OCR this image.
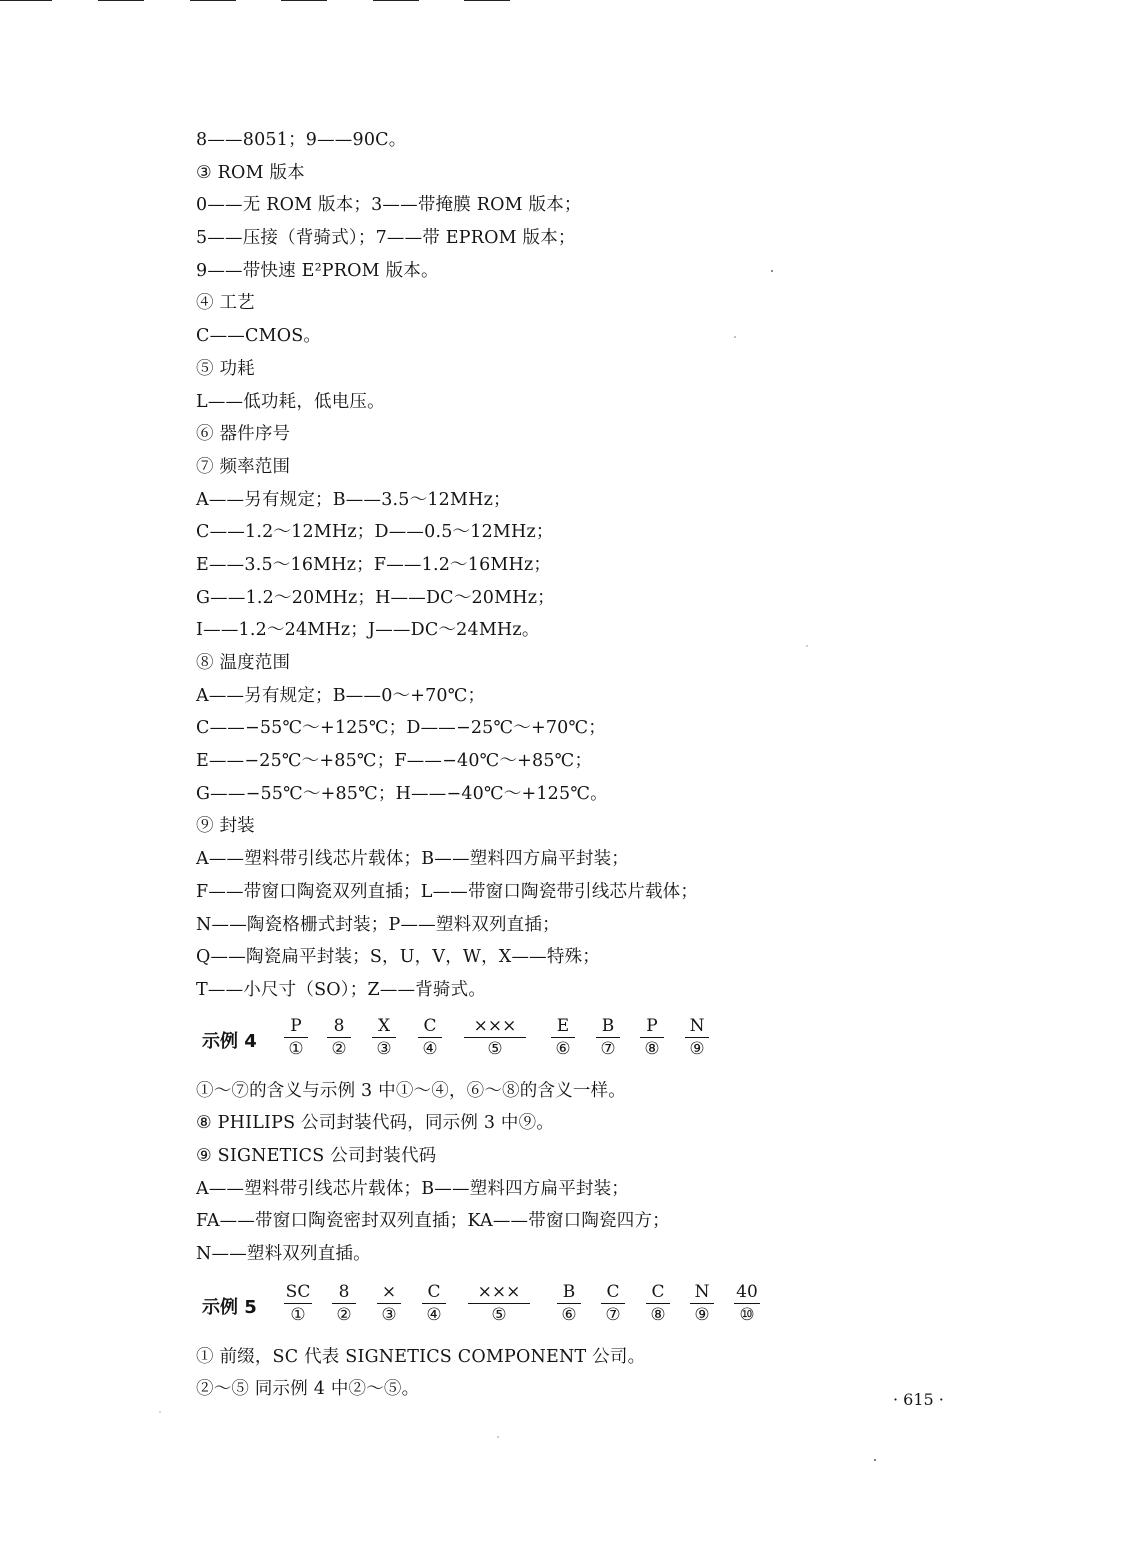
8——8051；9——90C。
③ ROM 版本
0——无 ROM 版本；3——带掩膜 ROM 版本；
5——压接（背骑式）；7——带 EPROM 版本；
9——带快速 E²PROM 版本。
④ 工艺
C——CMOS。
⑤ 功耗
L——低功耗，低电压。
⑥ 器件序号
⑦ 频率范围
A——另有规定；B——3.5～12MHz；
C——1.2～12MHz；D——0.5～12MHz；
E——3.5～16MHz；F——1.2～16MHz；
G——1.2～20MHz；H——DC～20MHz；
I——1.2～24MHz；J——DC～24MHz。
⑧ 温度范围
A——另有规定；B——0～+70℃；
C——−55℃～+125℃；D——−25℃～+70℃；
E——−25℃～+85℃；F——−40℃～+85℃；
G——−55℃～+85℃；H——−40℃～+125℃。
⑨ 封装
A——塑料带引线芯片载体；B——塑料四方扁平封装；
F——带窗口陶瓷双列直插；L——带窗口陶瓷带引线芯片载体；
N——陶瓷格栅式封装；P——塑料双列直插；
Q——陶瓷扁平封装；S，U，V，W，X——特殊；
T——小尺寸（SO）；Z——背骑式。
示例 4
P
①
8
②
X
③
C
④
×××
⑤
E
⑥
B
⑦
P
⑧
N
⑨
①～⑦的含义与示例 3 中①～④，⑥～⑧的含义一样。
⑧ PHILIPS 公司封装代码，同示例 3 中⑨。
⑨ SIGNETICS 公司封装代码
A——塑料带引线芯片载体；B——塑料四方扁平封装；
FA——带窗口陶瓷密封双列直插；KA——带窗口陶瓷四方；
N——塑料双列直插。
示例 5
SC
①
8
②
×
③
C
④
×××
⑤
B
⑥
C
⑦
C
⑧
N
⑨
40
⑩
① 前缀，SC 代表 SIGNETICS COMPONENT 公司。
②～⑤ 同示例 4 中②～⑤。
· 615 ·
